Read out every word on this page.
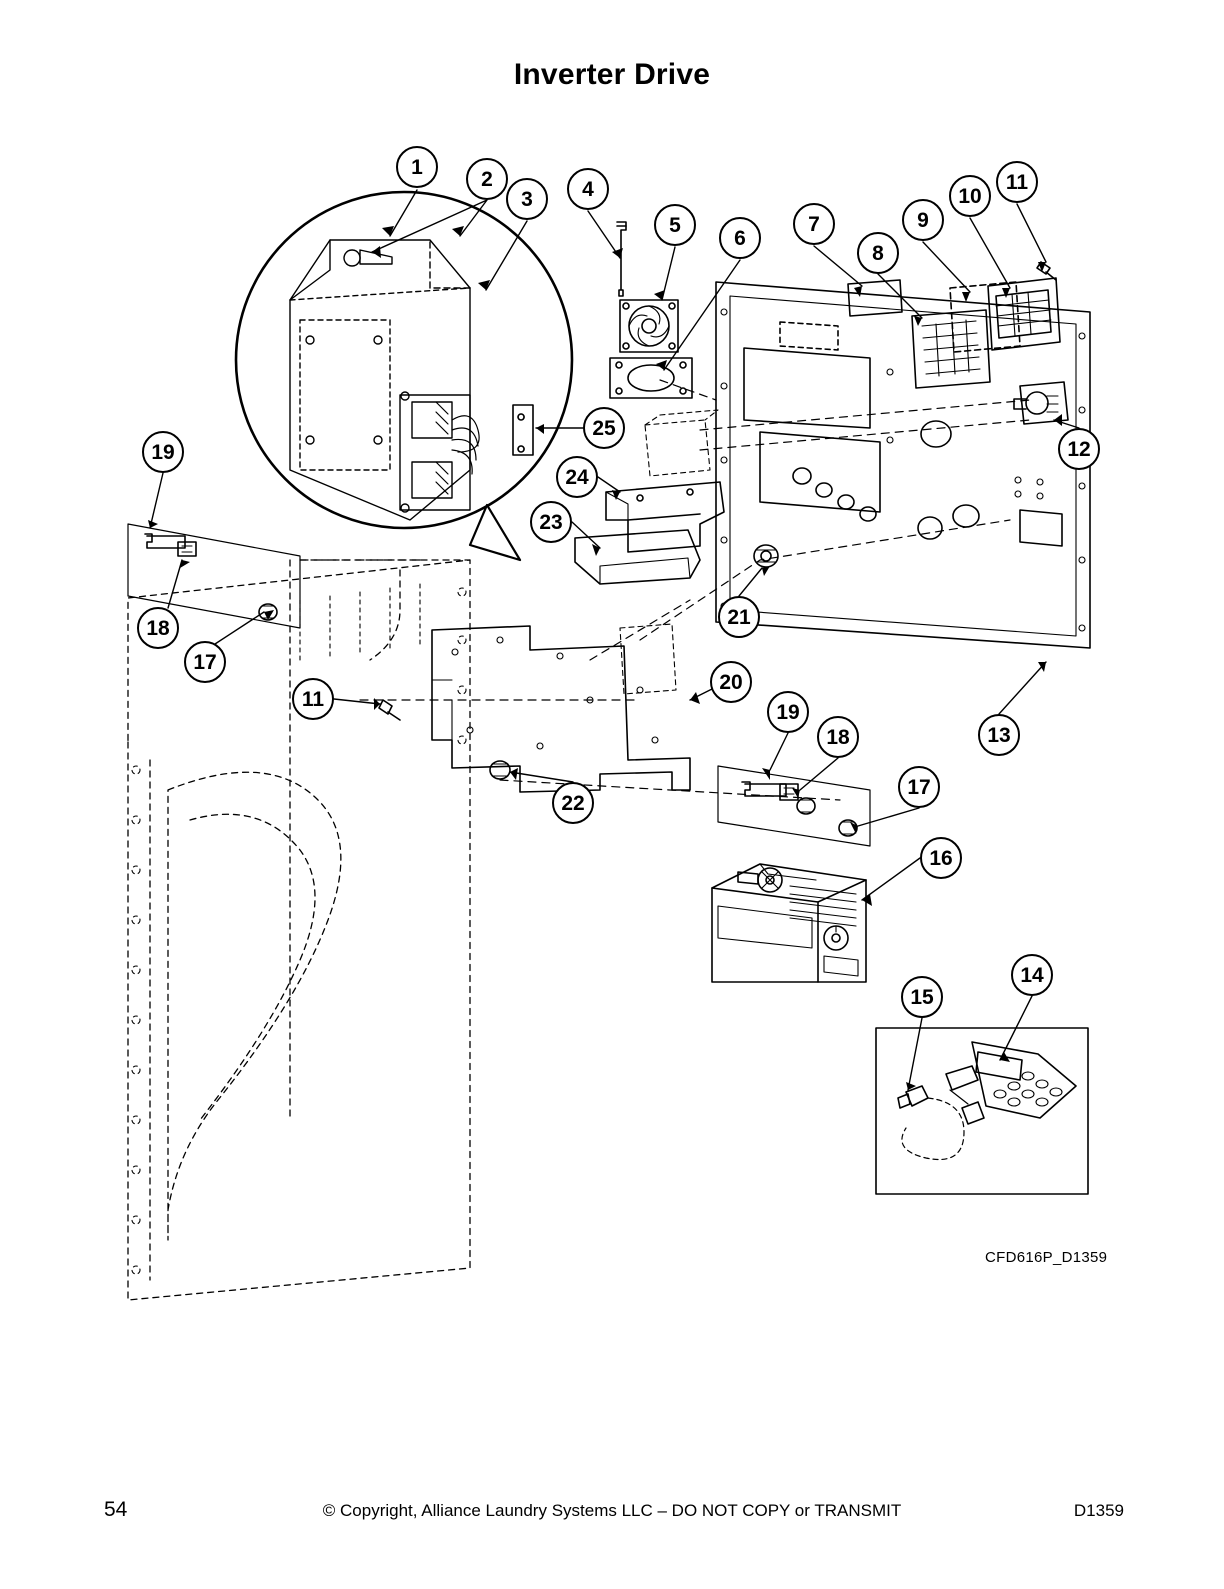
Inverter Drive
1
2
3	4
5
6
7
8
9
10
11
12
13
14
15
16
17
18
19
20
21
22
11
23
24
25
19
18
17
CFD616P_D1359
54	© Copyright, Alliance Laundry Systems LLC – DO NOT COPY or TRANSMIT	D1359
